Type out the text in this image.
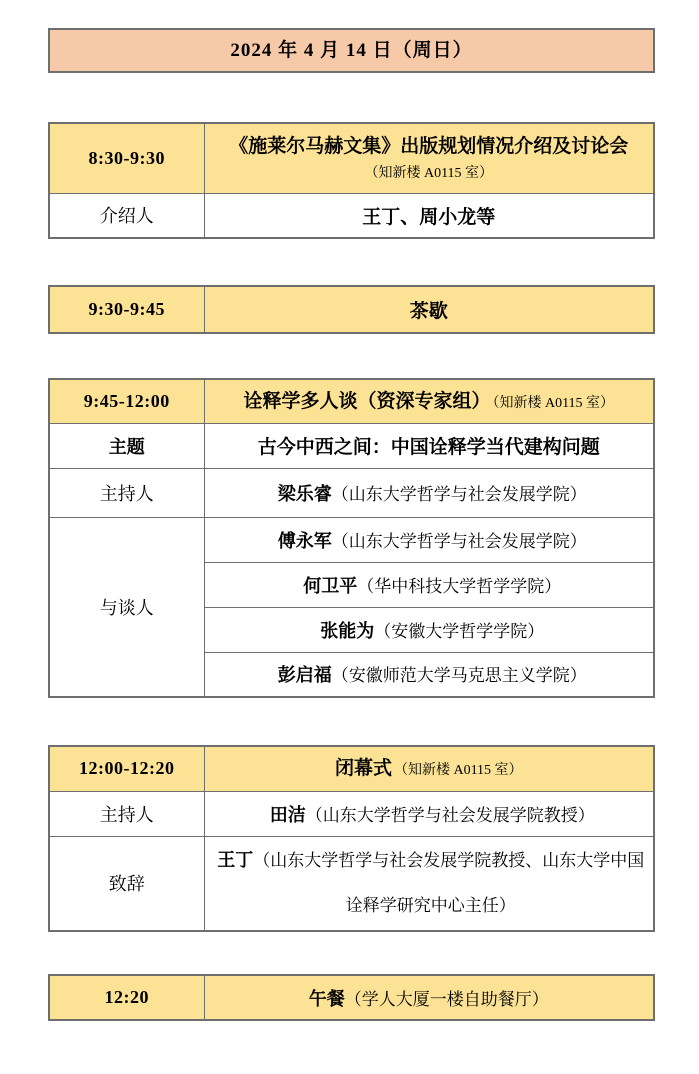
2024 年 4 月 14 日（周日）
8:30-9:30	《施莱尔马赫文集》出版规划情况介绍及讨论会
（知新楼 A0115 室）

介绍人	王丁、周小龙等
9:30-9:45	茶歇
9:45-12:00	诠释学多人谈（资深专家组） （知新楼 A0115 室）
主题	古今中西之间：中国诠释学当代建构问题
主持人	梁乐睿（山东大学哲学与社会发展学院）
与谈人	傅永军（山东大学哲学与社会发展学院）
	何卫平（华中科技大学哲学学院）
	张能为（安徽大学哲学学院）
	彭启福（安徽师范大学马克思主义学院）
12:00-12:20	闭幕式 （知新楼 A0115 室）
主持人	田洁（山东大学哲学与社会发展学院教授）
致辞	王丁（山东大学哲学与社会发展学院教授、山东大学中国诠释学研究中心主任）
12:20	午餐（学人大厦一楼自助餐厅）
